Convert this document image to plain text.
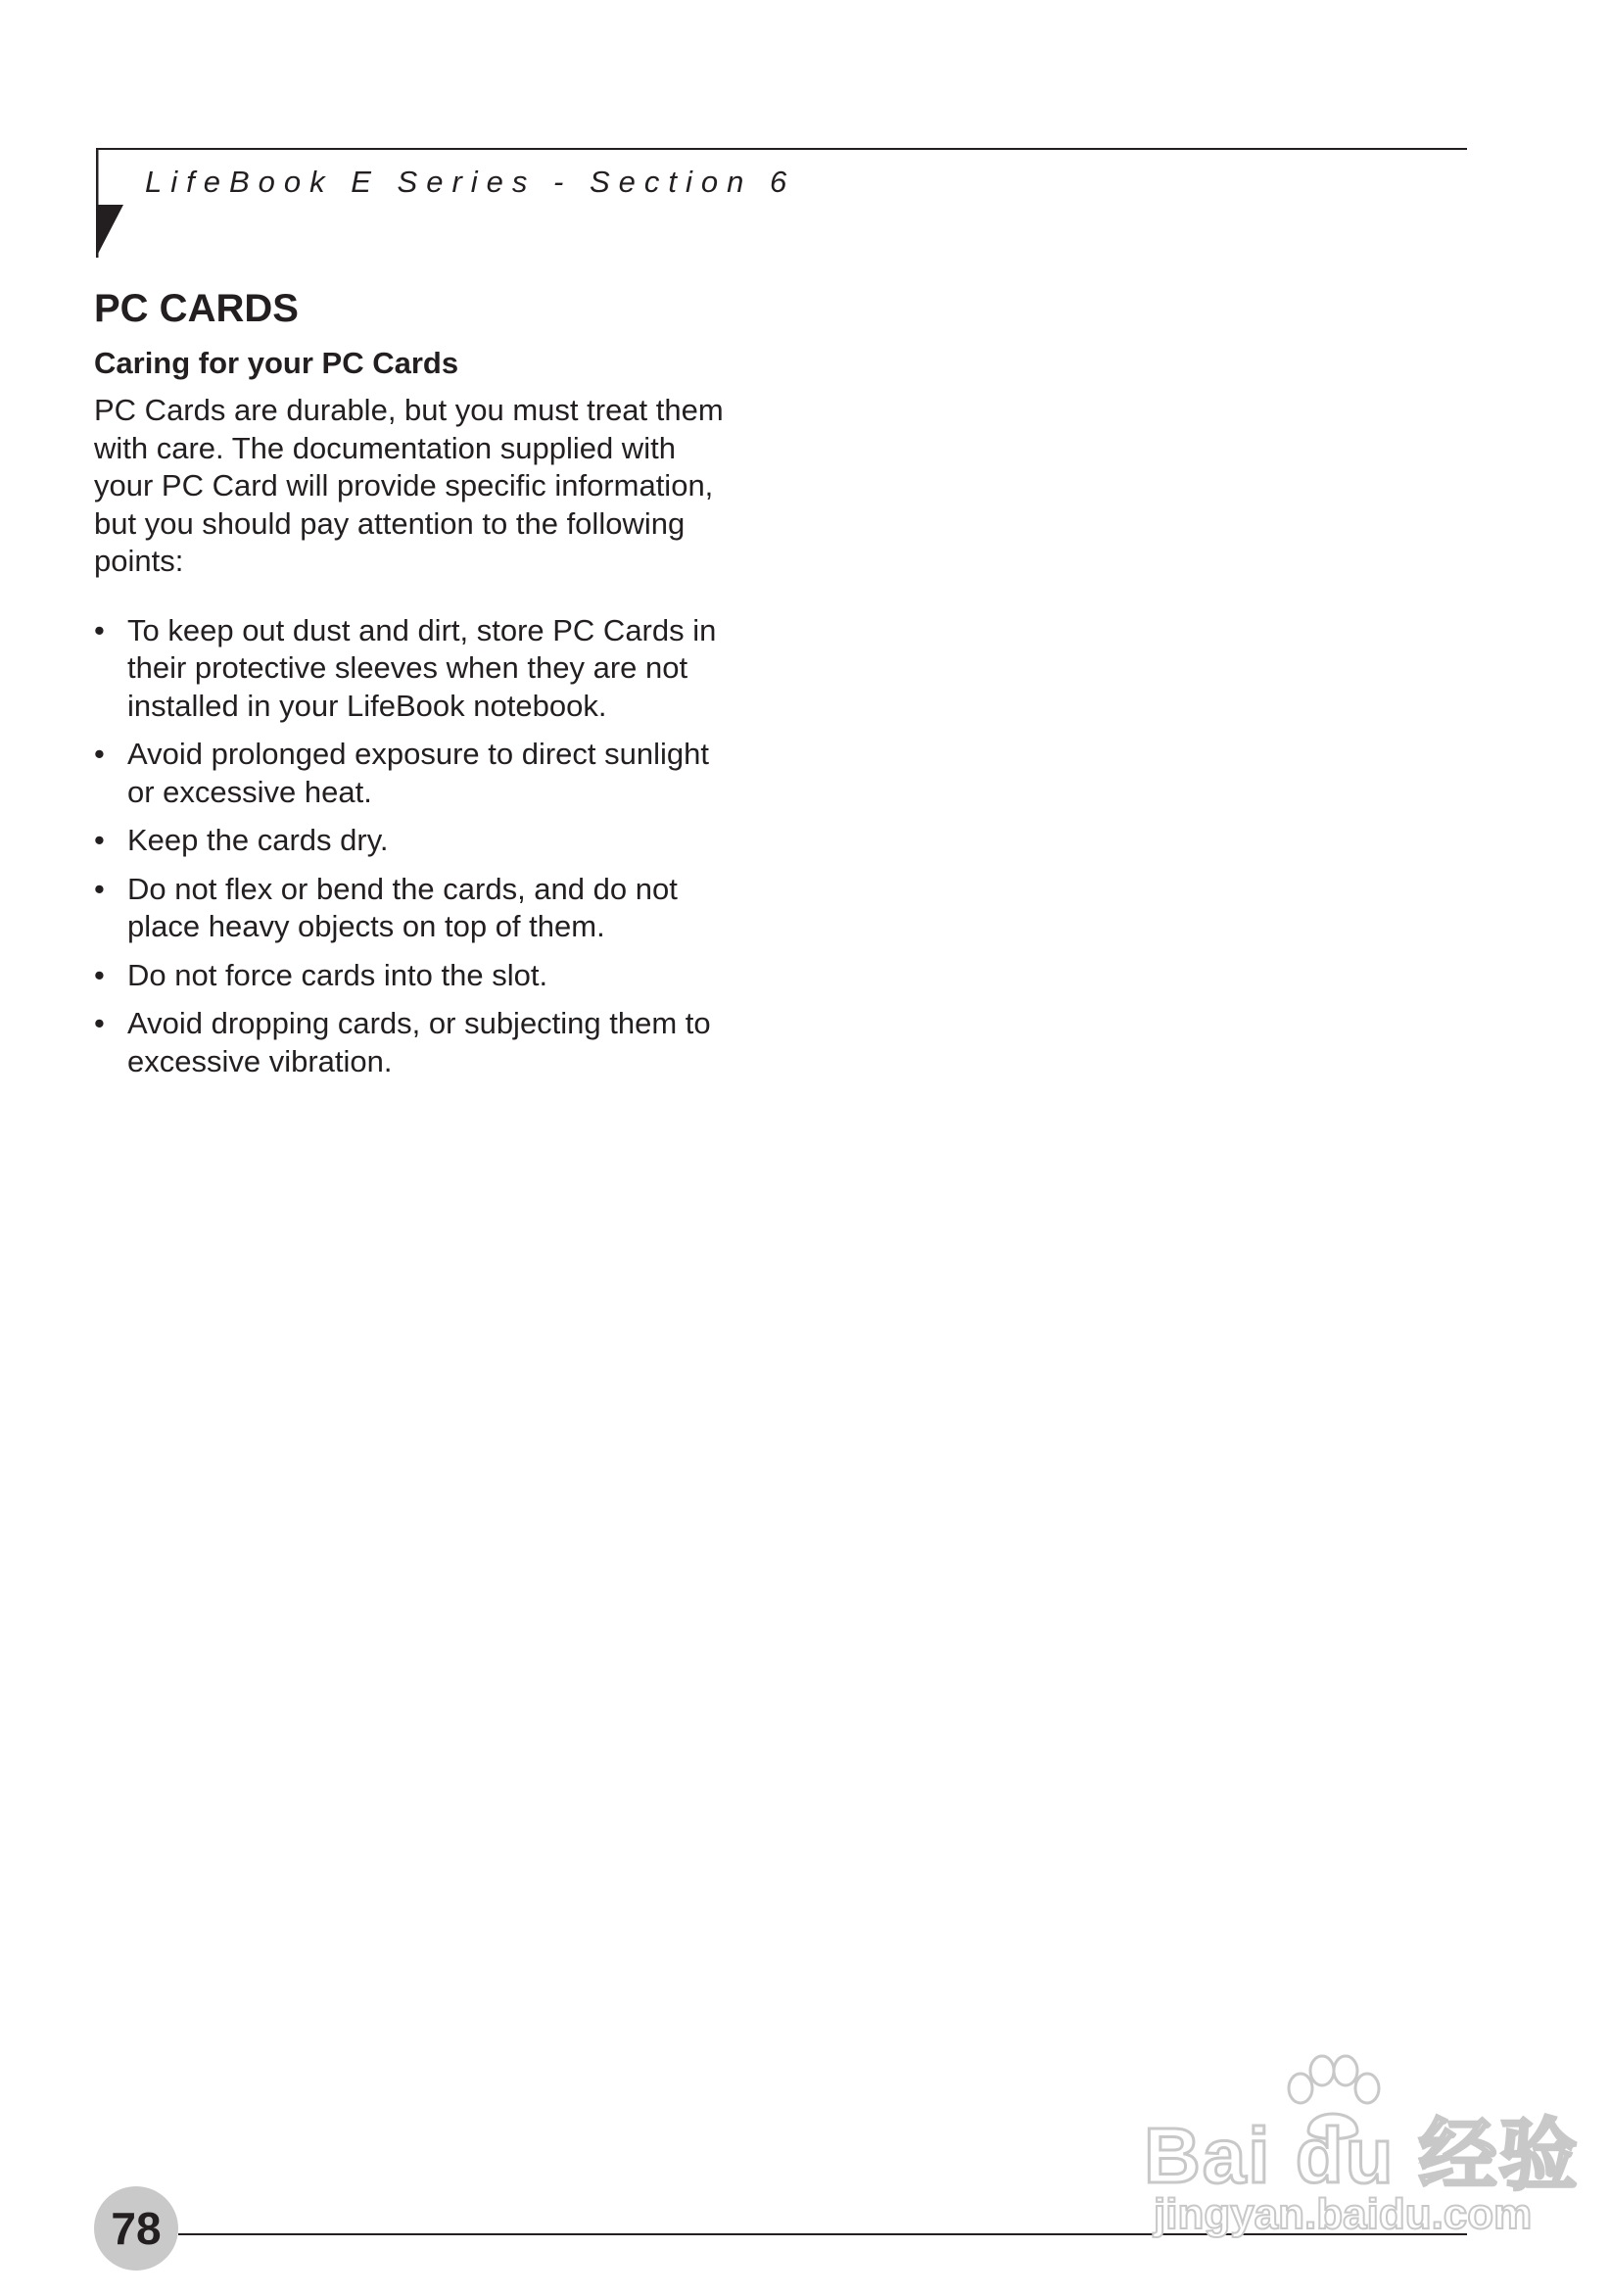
LifeBook E Series - Section 6
PC CARDS
Caring for your PC Cards

PC Cards are durable, but you must treat them
with care. The documentation supplied with
your PC Card will provide specific information,
but you should pay attention to the following
points:

• To keep out dust and dirt, store PC Cards in
their protective sleeves when they are not
installed in your LifeBook notebook.
• Avoid prolonged exposure to direct sunlight
or excessive heat.
• Keep the cards dry.
• Do not flex or bend the cards, and do not
place heavy objects on top of them.
• Do not force cards into the slot.
• Avoid dropping cards, or subjecting them to
excessive vibration.
78
Bai du 经验
jingyan.baidu.com
